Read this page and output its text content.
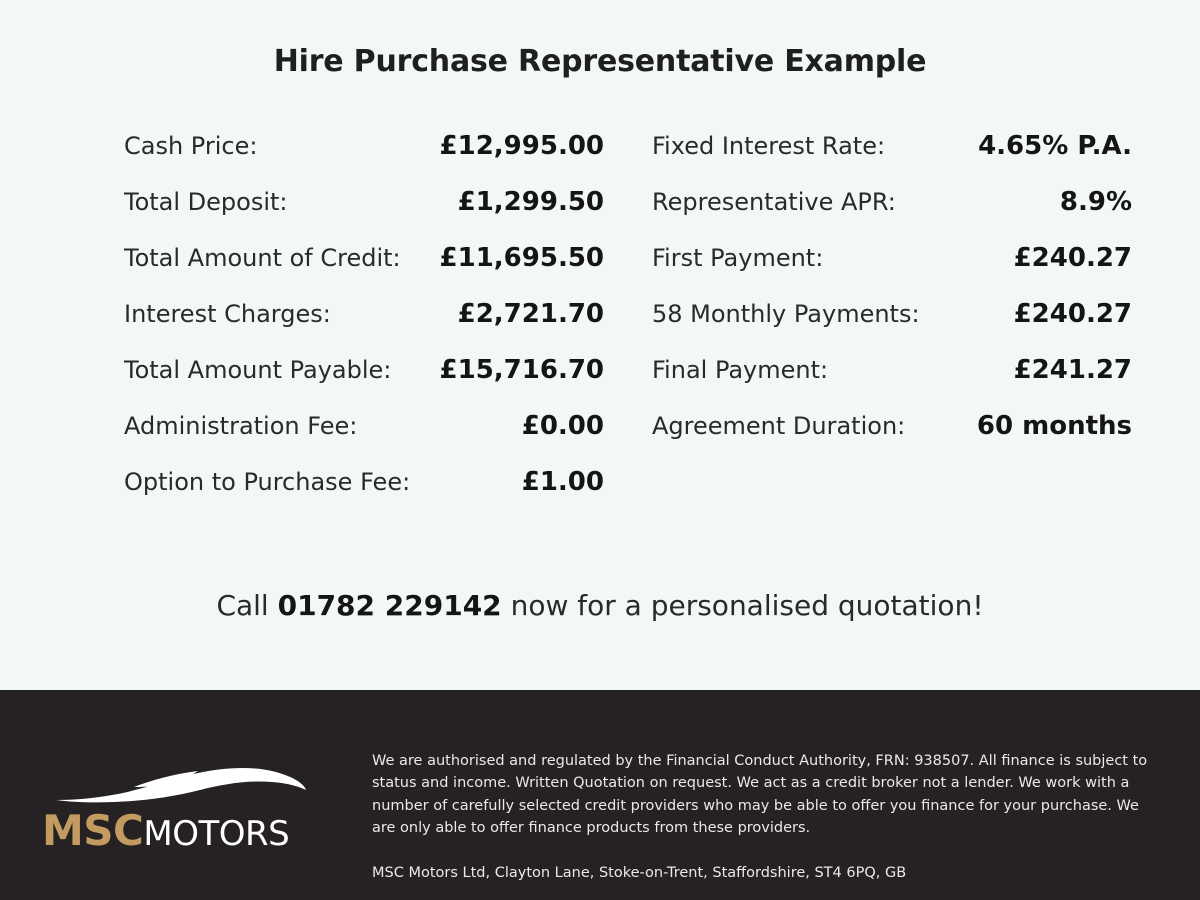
Hire Purchase Representative Example
Cash Price:	£12,995.00
Total Deposit:	£1,299.50
Total Amount of Credit: £11,695.50
Interest Charges:	£2,721.70
Total Amount Payable: £15,716.70
Administration Fee:	£0.00
Option to Purchase Fee:	£1.00
Fixed Interest Rate:	4.65% P.A.
Representative APR:	8.9%
First Payment:	£240.27
58 Monthly Payments:	£240.27
Final Payment:	£241.27
Agreement Duration:	60 months
Call 01782 229142 now for a personalised quotation!
MSCMOTORS

We are authorised and regulated by the Financial Conduct Authority, FRN: 938507. All finance is subject to status and income. Written Quotation on request. We act as a credit broker not a lender. We work with a number of carefully selected credit providers who may be able to offer you finance for your purchase. We are only able to offer finance products from these providers.

MSC Motors Ltd, Clayton Lane, Stoke-on-Trent, Staffordshire, ST4 6PQ, GB
